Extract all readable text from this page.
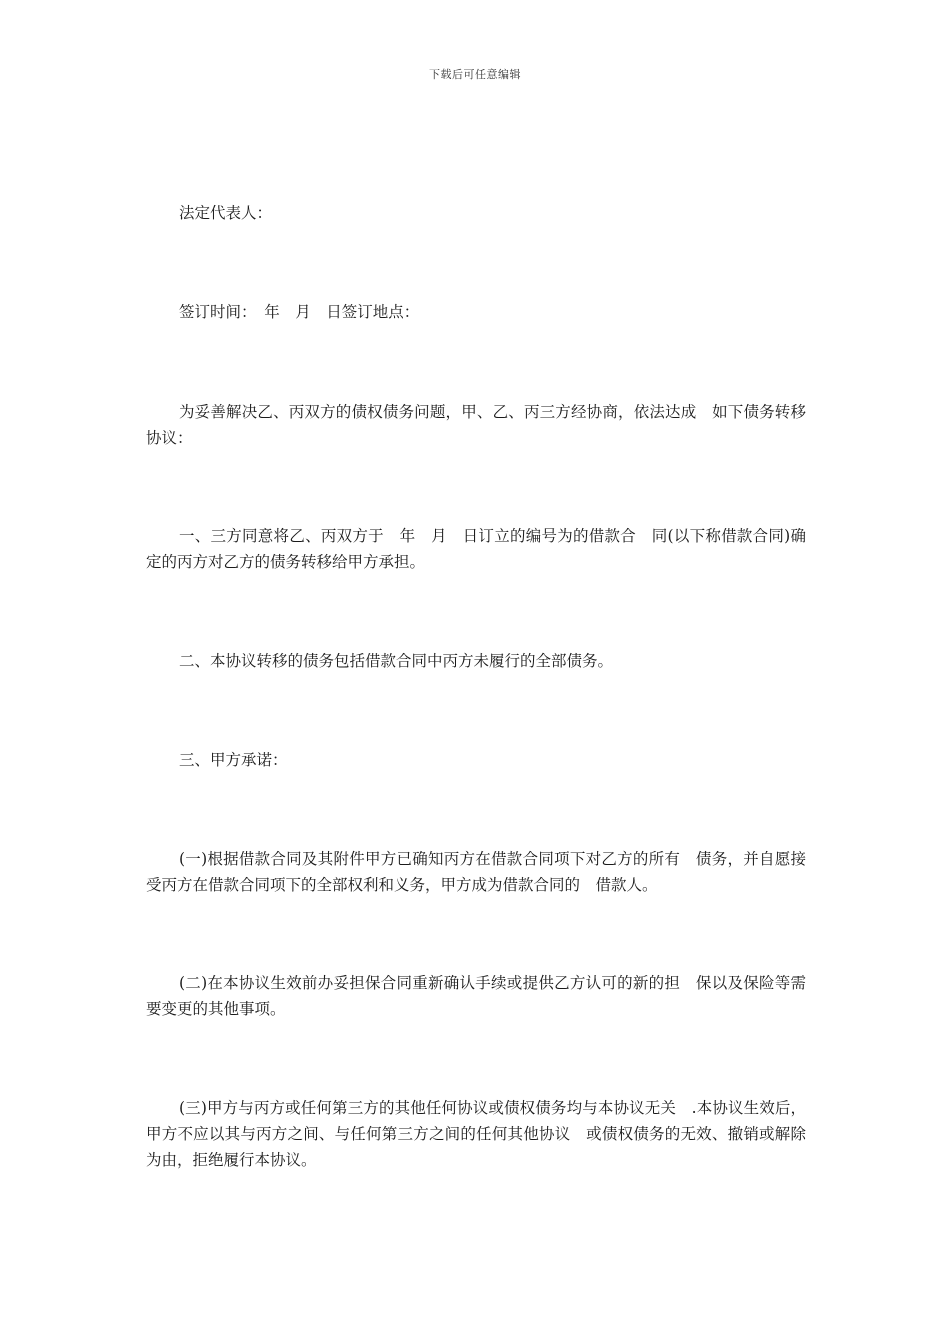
下载后可任意编辑

法定代表人：

签订时间：　年　月　日签订地点：

为妥善解决乙、丙双方的债权债务问题，甲、乙、丙三方经协商，依法达成　如下债务转移协议：

一、三方同意将乙、丙双方于　年　月　日订立的编号为的借款合　同(以下称借款合同)确定的丙方对乙方的债务转移给甲方承担。

二、本协议转移的债务包括借款合同中丙方未履行的全部债务。

三、甲方承诺：

(一)根据借款合同及其附件甲方已确知丙方在借款合同项下对乙方的所有　债务，并自愿接受丙方在借款合同项下的全部权利和义务，甲方成为借款合同的　借款人。

(二)在本协议生效前办妥担保合同重新确认手续或提供乙方认可的新的担　保以及保险等需要变更的其他事项。

(三)甲方与丙方或任何第三方的其他任何协议或债权债务均与本协议无关　.本协议生效后，甲方不应以其与丙方之间、与任何第三方之间的任何其他协议　或债权债务的无效、撤销或解除为由，拒绝履行本协议。
